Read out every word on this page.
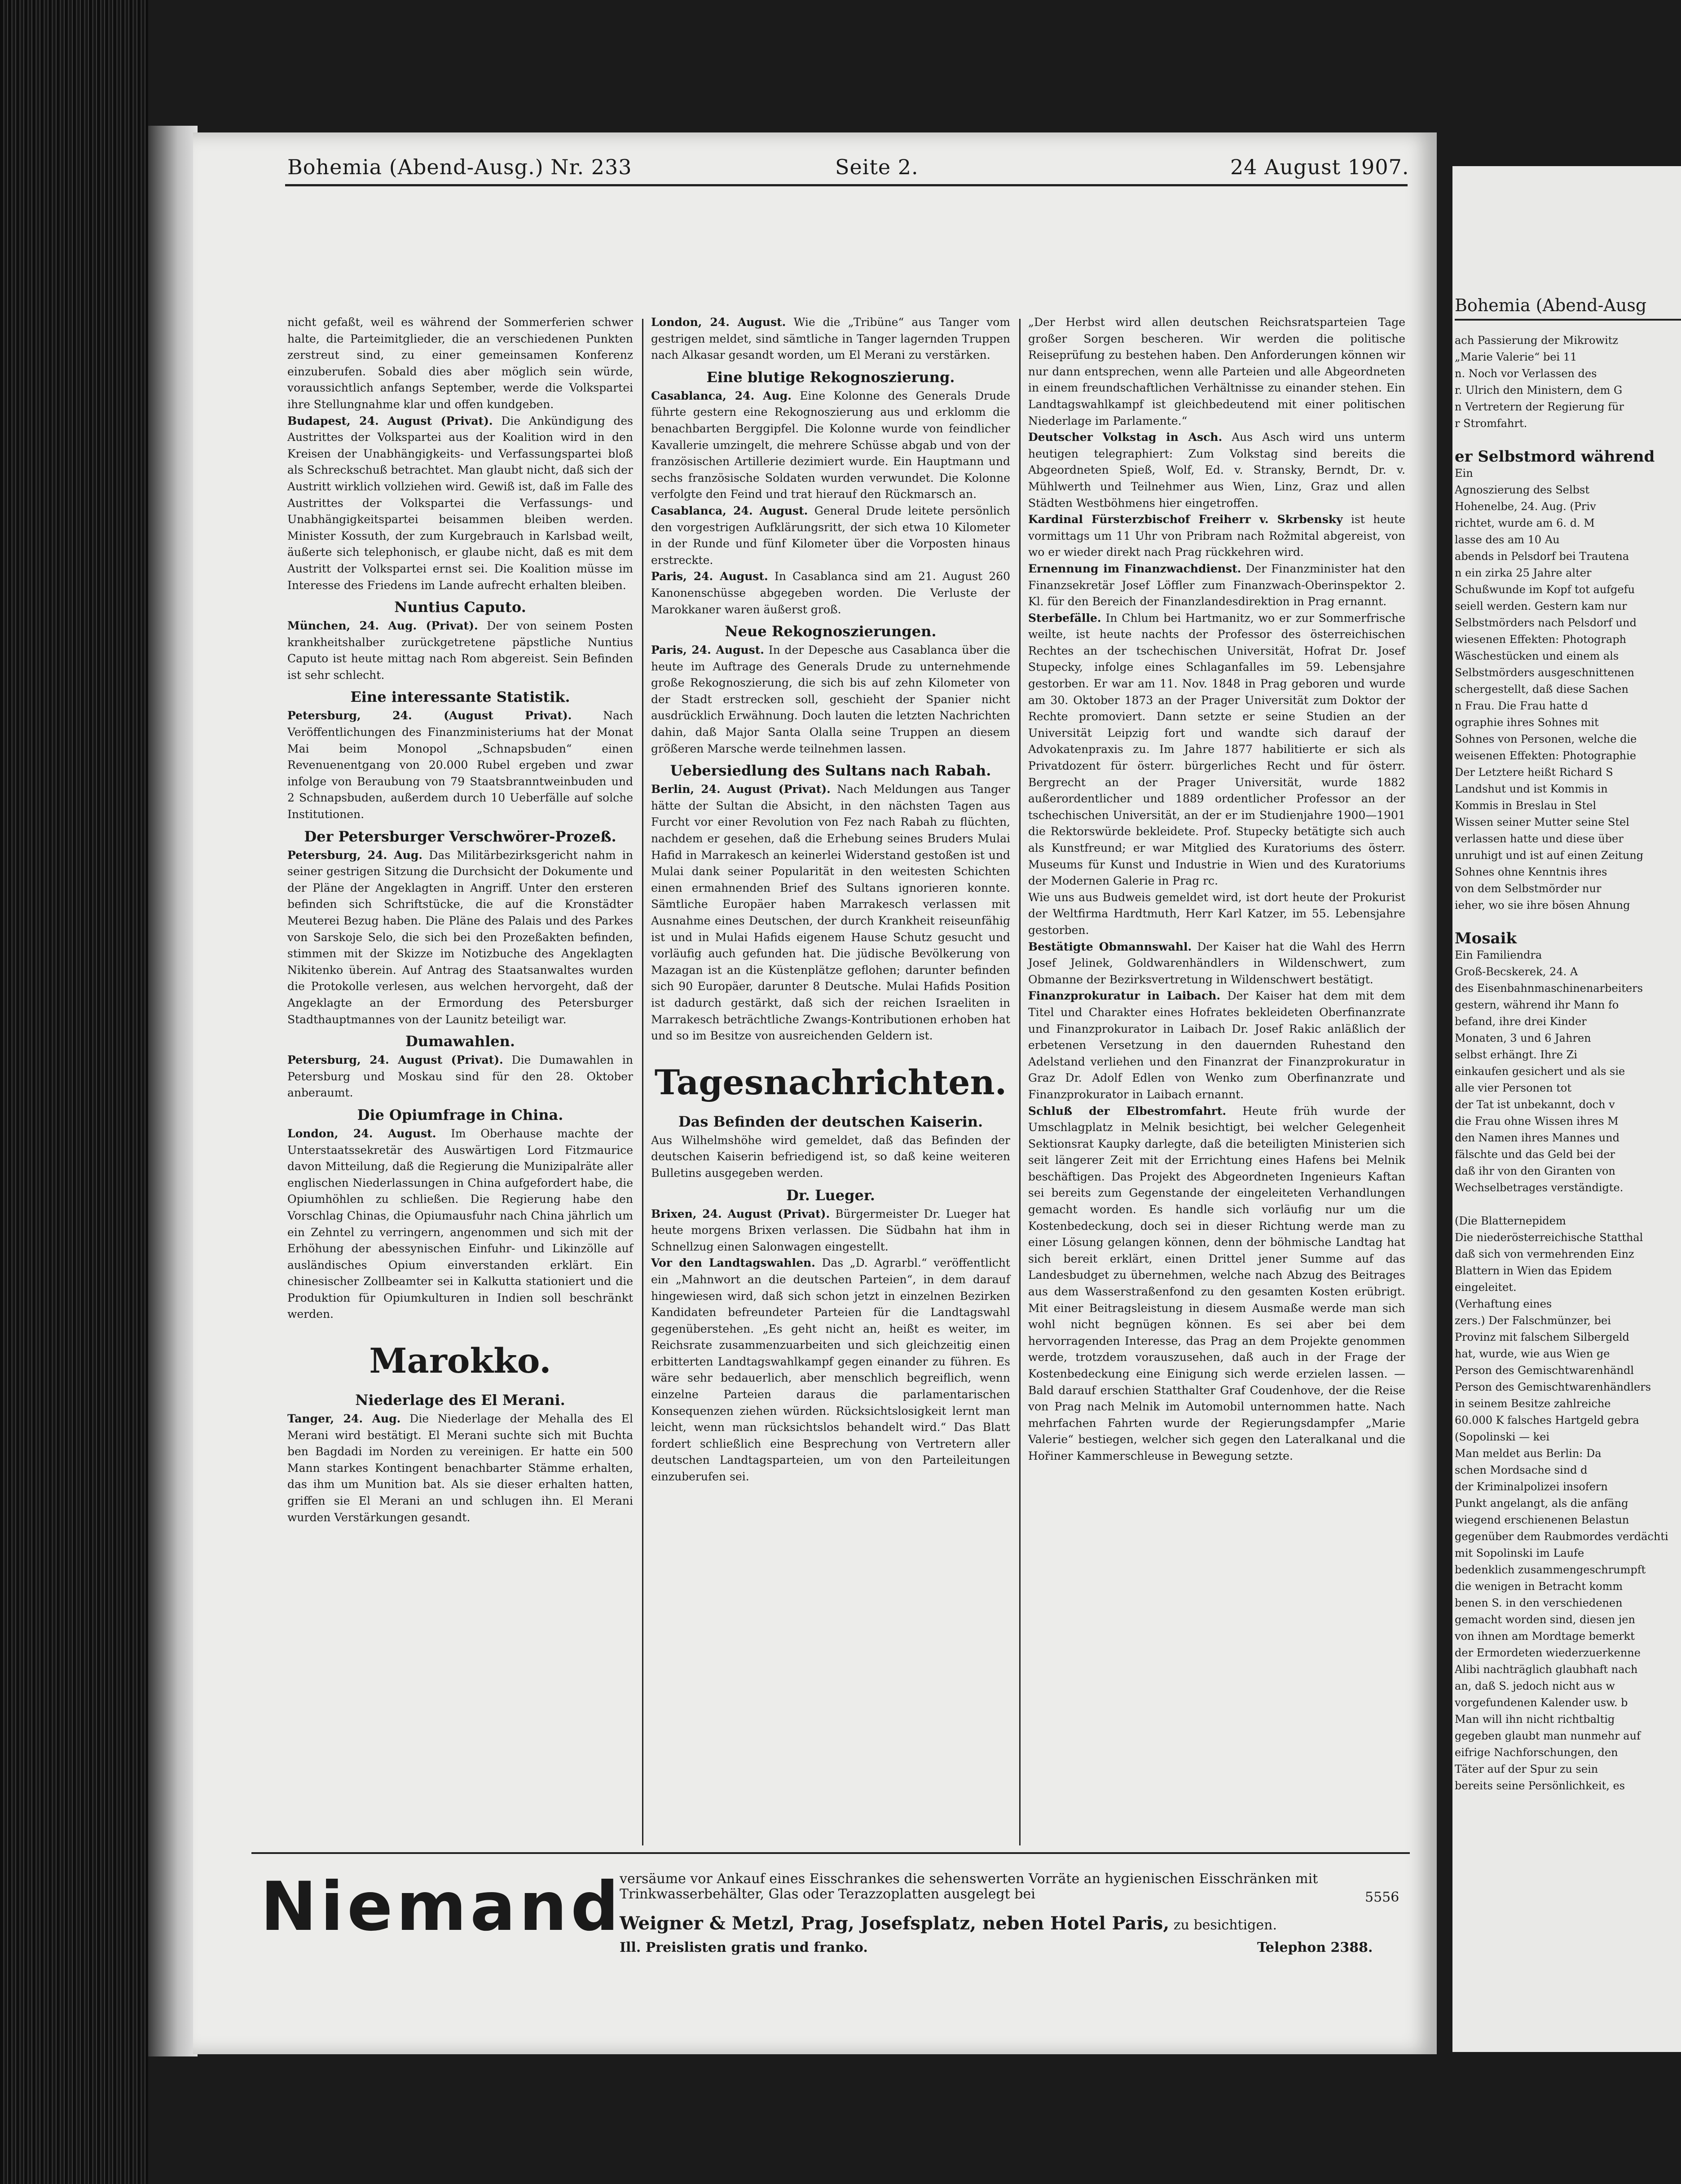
Bohemia (Abend-Ausg.) Nr. 233	Seite 2.	24 August 1907.

nicht gefaßt, weil es während der Sommerferien schwer halte, die Parteimitglieder, die an verschiedenen Punkten zerstreut sind, zu einer gemeinsamen Konferenz einzuberufen. Sobald dies aber möglich sein würde, voraussichtlich anfangs September, werde die Volkspartei ihre Stellungnahme klar und offen kundgeben.

Budapest, 24. August (Privat). Die Ankündigung des Austrittes der Volkspartei aus der Koalition wird in den Kreisen der Unabhängigkeits- und Verfassungspartei bloß als Schreckschuß betrachtet. Man glaubt nicht, daß sich der Austritt wirklich vollziehen wird. Gewiß ist, daß im Falle des Austrittes der Volkspartei die Verfassungs- und Unabhängigkeitspartei beisammen bleiben werden. Minister Kossuth, der zum Kurgebrauch in Karlsbad weilt, äußerte sich telephonisch, er glaube nicht, daß es mit dem Austritt der Volkspartei ernst sei. Die Koalition müsse im Interesse des Friedens im Lande aufrecht erhalten bleiben.

Nuntius Caputo.

München, 24. Aug. (Privat). Der von seinem Posten krankheitshalber zurückgetretene päpstliche Nuntius Caputo ist heute mittag nach Rom abgereist. Sein Befinden ist sehr schlecht.

Eine interessante Statistik.

Petersburg, 24. (August Privat).	Nach Veröffentlichungen des Finanzministeriums hat der Monat Mai beim Monopol „Schnapsbuden“ einen Revenuenentgang von 20.000 Rubel ergeben und zwar infolge von Beraubung von 79 Staatsbranntweinbuden und 2 Schnapsbuden, außerdem durch 10 Ueberfälle auf solche Institutionen.

Der Petersburger Verschwörer-Prozeß.

Petersburg, 24. Aug. Das Militärbezirksgericht nahm in seiner gestrigen Sitzung die Durchsicht der Dokumente und der Pläne der Angeklagten in Angriff. Unter den ersteren befinden sich Schriftstücke, die auf die Kronstädter Meuterei Bezug haben. Die Pläne des Palais und des Parkes von Sarskoje Selo, die sich bei den Prozeßakten befinden, stimmen mit der Skizze im Notizbuche des Angeklagten Nikitenko überein. Auf Antrag des Staatsanwaltes wurden die Protokolle verlesen, aus welchen hervorgeht, daß der Angeklagte an der Ermordung des Petersburger Stadthauptmannes von der Launitz beteiligt war.

Dumawahlen.

Petersburg, 24. August (Privat). Die Dumawahlen in Petersburg und Moskau sind für den 28. Oktober anberaumt.

Die Opiumfrage in China.

London, 24. August. Im Oberhause machte der Unterstaatssekretär des Auswärtigen Lord Fitzmaurice davon Mitteilung, daß die Regierung die Munizipalräte aller englischen Niederlassungen in China aufgefordert habe, die Opiumhöhlen zu schließen. Die Regierung habe den Vorschlag Chinas, die Opiumausfuhr nach China jährlich um ein Zehntel zu verringern, angenommen und sich mit der Erhöhung der abessynischen Einfuhr- und Likinzölle auf ausländisches Opium einverstanden erklärt. Ein chinesischer Zollbeamter sei in Kalkutta stationiert und die Produktion für Opiumkulturen in Indien soll beschränkt werden.

Marokko.
Niederlage des El Merani.

Tanger, 24. Aug. Die Niederlage der Mehalla des El Merani wird bestätigt. El Merani suchte sich mit Buchta ben Bagdadi im Norden zu vereinigen. Er hatte ein 500 Mann starkes Kontingent benachbarter Stämme erhalten, das ihm um Munition bat. Als sie dieser erhalten hatten, griffen sie El Merani an und schlugen ihn. El Merani wurden Verstärkungen gesandt.

London, 24. August. Wie die „Tribüne“ aus Tanger vom gestrigen meldet, sind sämtliche in Tanger lagernden Truppen nach Alkasar gesandt worden, um El Merani zu verstärken.

Eine blutige Rekognoszierung.

Casablanca, 24. Aug. Eine Kolonne des Generals Drude führte gestern eine Rekognoszierung aus und erklomm die benachbarten Berggipfel. Die Kolonne wurde von feindlicher Kavallerie umzingelt, die mehrere Schüsse abgab und von der französischen Artillerie dezimiert wurde. Ein Hauptmann und sechs französische Soldaten wurden verwundet. Die Kolonne verfolgte den Feind und trat hierauf den Rückmarsch an.

Casablanca, 24. August. General Drude leitete persönlich den vorgestrigen Aufklärungsritt, der sich etwa 10 Kilometer in der Runde und fünf Kilometer über die Vorposten hinaus erstreckte.

Paris, 24. August. In Casablanca sind am 21. August 260 Kanonenschüsse abgegeben worden. Die Verluste der Marokkaner waren äußerst groß.

Neue Rekognoszierungen.

Paris, 24. August. In der Depesche aus Casablanca über die heute im Auftrage des Generals Drude zu unternehmende große Rekognoszierung, die sich bis auf zehn Kilometer von der Stadt erstrecken soll, geschieht der Spanier nicht ausdrücklich Erwähnung. Doch lauten die letzten Nachrichten dahin, daß Major Santa Olalla seine Truppen an diesem größeren Marsche werde teilnehmen lassen.

Uebersiedlung des Sultans nach Rabah.

Berlin, 24. August (Privat). Nach Meldungen aus Tanger hätte der Sultan die Absicht, in den nächsten Tagen aus Furcht vor einer Revolution von Fez nach Rabah zu flüchten, nachdem er gesehen, daß die Erhebung seines Bruders Mulai Hafid in Marrakesch an keinerlei Widerstand gestoßen ist und Mulai dank seiner Popularität in den weitesten Schichten einen ermahnenden Brief des Sultans ignorieren konnte. Sämtliche Europäer haben Marrakesch verlassen mit Ausnahme eines Deutschen, der durch Krankheit reiseunfähig ist und in Mulai Hafids eigenem Hause Schutz gesucht und vorläufig auch gefunden hat. Die jüdische Bevölkerung von Mazagan ist an die Küstenplätze geflohen; darunter befinden sich 90 Europäer, darunter 8 Deutsche. Mulai Hafids Position ist dadurch gestärkt, daß sich der reichen Israeliten in Marrakesch beträchtliche Zwangs-Kontributionen erhoben hat und so im Besitze von ausreichenden Geldern ist.

Tagesnachrichten.
Das Befinden der deutschen Kaiserin.

Aus Wilhelmshöhe wird gemeldet, daß das Befinden der deutschen Kaiserin befriedigend ist, so daß keine weiteren Bulletins ausgegeben werden.

Dr. Lueger.

Brixen, 24. August (Privat). Bürgermeister Dr. Lueger hat heute morgens Brixen verlassen. Die Südbahn hat ihm in Schnellzug einen Salonwagen eingestellt.

Vor den Landtagswahlen. Das „D. Agrarbl.“ veröffentlicht ein „Mahnwort an die deutschen Parteien“, in dem darauf hingewiesen wird, daß sich schon jetzt in einzelnen Bezirken Kandidaten befreundeter Parteien für die Landtagswahl gegenüberstehen. „Es geht nicht an, heißt es weiter, im Reichsrate zusammenzuarbeiten und sich gleichzeitig einen erbitterten Landtagswahlkampf gegen einander zu führen. Es wäre sehr bedauerlich, aber menschlich begreiflich, wenn einzelne Parteien daraus die parlamentarischen Konsequenzen ziehen würden. Rücksichtslosigkeit lernt man leicht, wenn man rücksichtslos behandelt wird.“ Das Blatt fordert schließlich eine Besprechung von Vertretern aller deutschen Landtagsparteien, um von den Parteileitungen einzuberufen sei.

„Der Herbst wird allen deutschen Reichsratsparteien Tage großer Sorgen bescheren. Wir werden die politische Reiseprüfung zu bestehen haben. Den Anforderungen können wir nur dann entsprechen, wenn alle Parteien und alle Abgeordneten in einem freundschaftlichen Verhältnisse zu einander stehen. Ein Landtagswahlkampf ist gleichbedeutend mit einer politischen Niederlage im Parlamente.“

Deutscher Volkstag in Asch. Aus Asch wird uns unterm heutigen telegraphiert: Zum Volkstag sind bereits die Abgeordneten Spieß, Wolf, Ed. v. Stransky, Berndt, Dr. v. Mühlwerth und Teilnehmer aus Wien, Linz, Graz und allen Städten Westböhmens hier eingetroffen.

Kardinal Fürsterzbischof Freiherr v. Skrbensky ist heute vormittags um 11 Uhr von Pribram nach Rožmital abgereist, von wo er wieder direkt nach Prag rückkehren wird.

Ernennung im Finanzwachdienst. Der Finanzminister hat den Finanzsekretär Josef Löffler zum Finanzwach-Oberinspektor 2. Kl. für den Bereich der Finanzlandesdirektion in Prag ernannt.

Sterbefälle. In Chlum bei Hartmanitz, wo er zur Sommerfrische weilte, ist heute nachts der Professor des österreichischen Rechtes an der tschechischen Universität, Hofrat Dr. Josef Stupecky, infolge eines Schlaganfalles im 59. Lebensjahre gestorben. Er war am 11. Nov. 1848 in Prag geboren und wurde am 30. Oktober 1873 an der Prager Universität zum Doktor der Rechte promoviert. Dann setzte er seine Studien an der Universität Leipzig fort und wandte sich darauf der Advokatenpraxis zu. Im Jahre 1877 habilitierte er sich als Privatdozent für österr. bürgerliches Recht und für österr. Bergrecht an der Prager Universität, wurde 1882 außerordentlicher und 1889 ordentlicher Professor an der tschechischen Universität, an der er im Studienjahre 1900—1901 die Rektorswürde bekleidete. Prof. Stupecky betätigte sich auch als Kunstfreund; er war Mitglied des Kuratoriums des österr. Museums für Kunst und Industrie in Wien und des Kuratoriums der Modernen Galerie in Prag rc.

Wie uns aus Budweis gemeldet wird, ist dort heute der Prokurist der Weltfirma Hardtmuth, Herr Karl Katzer, im 55. Lebensjahre gestorben.

Bestätigte Obmannswahl. Der Kaiser hat die Wahl des Herrn Josef Jelinek, Goldwarenhändlers in Wildenschwert, zum Obmanne der Bezirksvertretung in Wildenschwert bestätigt.

Finanzprokuratur in Laibach. Der Kaiser hat dem mit dem Titel und Charakter eines Hofrates bekleideten Oberfinanzrate und Finanzprokurator in Laibach Dr. Josef Rakic anläßlich der erbetenen Versetzung in den dauernden Ruhestand den Adelstand verliehen und den Finanzrat der Finanzprokuratur in Graz Dr. Adolf Edlen von Wenko zum Oberfinanzrate und Finanzprokurator in Laibach ernannt.

Schluß der Elbestromfahrt. Heute früh wurde der Umschlagplatz in Melnik besichtigt, bei welcher Gelegenheit Sektionsrat Kaupky darlegte, daß die beteiligten Ministerien sich seit längerer Zeit mit der Errichtung eines Hafens bei Melnik beschäftigen. Das Projekt des Abgeordneten Ingenieurs Kaftan sei bereits zum Gegenstande der eingeleiteten Verhandlungen gemacht worden. Es handle sich vorläufig nur um die Kostenbedeckung, doch sei in dieser Richtung werde man zu einer Lösung gelangen können, denn der böhmische Landtag hat sich bereit erklärt, einen Drittel jener Summe auf das Landesbudget zu übernehmen, welche nach Abzug des Beitrages aus dem Wasserstraßenfond zu den gesamten Kosten erübrigt. Mit einer Beitragsleistung in diesem Ausmaße werde man sich wohl nicht begnügen können. Es sei aber bei dem hervorragenden Interesse, das Prag an dem Projekte genommen werde, trotzdem vorauszusehen, daß auch in der Frage der Kostenbedeckung eine Einigung sich werde erzielen lassen. — Bald darauf erschien Statthalter Graf Coudenhove, der die Reise von Prag nach Melnik im Automobil unternommen hatte. Nach mehrfachen Fahrten wurde der Regierungsdampfer „Marie Valerie“ bestiegen, welcher sich gegen den Lateralkanal und die Hořiner Kammerschleuse in Bewegung setzte.

Niemand
versäume vor Ankauf eines Eisschrankes die sehenswerten Vorräte an hygienischen Eisschränken mit Trinkwasserbehälter, Glas oder Terazzoplatten ausgelegt bei	5556
Weigner & Metzl, Prag, Josefsplatz, neben Hotel Paris, zu besichtigen.
Ill. Preislisten gratis und franko.	Telephon 2388.
Bohemia (Abend-Ausg
ach Passierung der Mikrowitz
„Marie Valerie“ bei 11
n. Noch vor Verlassen des
r. Ulrich den Ministern, dem G
n Vertretern der Regierung für
r Stromfahrt.

er Selbstmord während
Ein
Agnoszierung des Selbst
Hohenelbe, 24. Aug. (Priv
richtet, wurde am 6. d. M
lasse des am 10 Au
abends in Pelsdorf bei Trautena
n ein zirka 25 Jahre alter
Schußwunde im Kopf tot aufgefu
seiell werden. Gestern kam nur
Selbstmörders nach Pelsdorf und
wiesenen Effekten: Photograph
Wäschestücken und einem als
Selbstmörders ausgeschnittenen
schergestellt, daß diese Sachen
n Frau. Die Frau hatte d
ographie ihres Sohnes mit
Sohnes von Personen, welche die
weisenen Effekten: Photographie
Der Letztere heißt Richard S
Landshut und ist Kommis in
Kommis in Breslau in Stel
Wissen seiner Mutter seine Stel
verlassen hatte und diese über
unruhigt und ist auf einen Zeitung
Sohnes ohne Kenntnis ihres
von dem Selbstmörder nur
ieher, wo sie ihre bösen Ahnung

Mosaik
Ein Familiendra
Groß-Becskerek, 24. A
des Eisenbahnmaschinenarbeiters
gestern, während ihr Mann fo
befand, ihre drei Kinder
Monaten, 3 und 6 Jahren
selbst erhängt. Ihre Zi
einkaufen gesichert und als sie
alle vier Personen tot
der Tat ist unbekannt, doch v
die Frau ohne Wissen ihres M
den Namen ihres Mannes und
fälschte und das Geld bei der
daß ihr von den Giranten von
Wechselbetrages verständigte.

(Die Blatternepidem
Die niederösterreichische Statthal
daß sich von vermehrenden Einz
Blattern in Wien das Epidem
eingeleitet.
(Verhaftung eines
zers.) Der Falschmünzer, bei
Provinz mit falschem Silbergeld
hat, wurde, wie aus Wien ge
Person des Gemischtwarenhändl
Person des Gemischtwarenhändlers
in seinem Besitze zahlreiche
60.000 K falsches Hartgeld gebra
(Sopolinski — kei
Man meldet aus Berlin: Da
schen Mordsache sind d
der Kriminalpolizei insofern
Punkt angelangt, als die anfäng
wiegend erschienenen Belastun
gegenüber dem Raubmordes verdächti
mit Sopolinski im Laufe
bedenklich zusammengeschrumpft
die wenigen in Betracht komm
benen S. in den verschiedenen
gemacht worden sind, diesen jen
von ihnen am Mordtage bemerkt
der Ermordeten wiederzuerkenne
Alibi nachträglich glaubhaft nach
an, daß S. jedoch nicht aus w
vorgefundenen Kalender usw. b
Man will ihn nicht richtbaltig
gegeben glaubt man nunmehr auf
eifrige Nachforschungen, den
Täter auf der Spur zu sein
bereits seine Persönlichkeit, es
